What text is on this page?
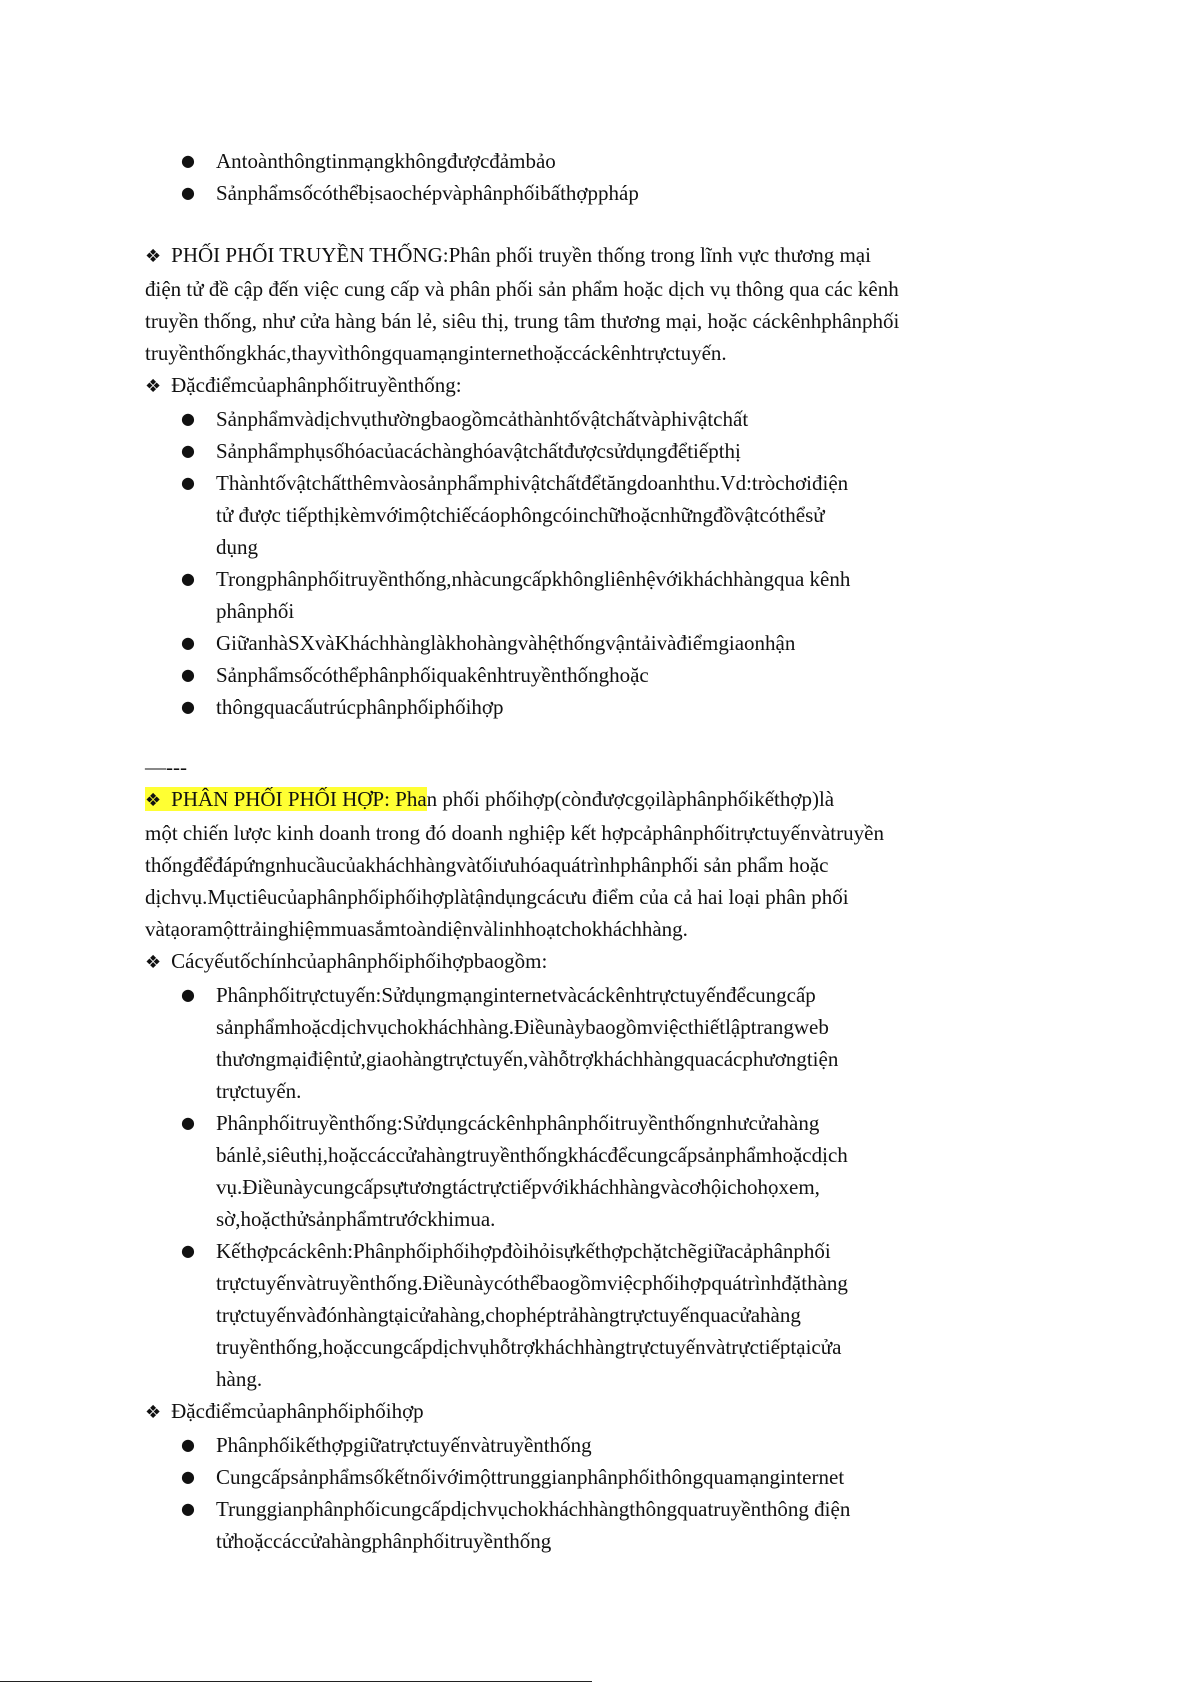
● Antoànthôngtinmạngkhôngđượcđảmbảo
● Sảnphẩmsốcóthểbịsaochépvàphânphốibấthợppháp
❖ PHỐI PHỐI TRUYỀN THỐNG:Phân phối truyền thống trong lĩnh vực thương mại
điện tử đề cập đến việc cung cấp và phân phối sản phẩm hoặc dịch vụ thông qua các kênh
truyền thống, như cửa hàng bán lẻ, siêu thị, trung tâm thương mại, hoặc cáckênhphânphối
truyềnthốngkhác,thayvìthôngquamạnginternethoặccáckênhtrựctuyến.
❖ Đặcđiểmcủaphânphốitruyềnthống:
● Sảnphẩmvàdịchvụthườngbaogồmcảthànhtốvậtchấtvàphivậtchất
● Sảnphẩmphụsốhóacủacáchànghóavậtchấtđượcsửdụngđểtiếpthị
● Thànhtốvậtchấtthêmvàosảnphẩmphivậtchấtđểtăngdoanhthu.Vd:tròchơiđiện
tử được tiếpthịkèmvớimộtchiếcáophôngcóinchữhoặcnhữngđồvậtcóthểsử
dụng
● Trongphânphốitruyềnthống,nhàcungcấpkhôngliênhệvớikháchhàngqua kênh
phânphối
● GiữanhàSXvàKháchhànglàkhohàngvàhệthốngvậntảivàđiểmgiaonhận
● Sảnphẩmsốcóthểphânphốiquakênhtruyềnthốnghoặc
● thôngquacấutrúcphânphốiphốihợp
—---
❖ PHÂN PHỐI PHỐI HỢP: Phan phối phốihợp(cònđượcgọilàphânphốikếthợp)là
một chiến lược kinh doanh trong đó doanh nghiệp kết hợpcảphânphốitrựctuyếnvàtruyền
thốngđểđápứngnhucầucủakháchhàngvàtốiưuhóaquátrìnhphânphối sản phẩm hoặc
dịchvụ.Mụctiêucủaphânphốiphốihợplàtậndụngcácưu điểm của cả hai loại phân phối
vàtạoramộttrảinghiệmmuasắmtoàndiệnvàlinhhoạtchokháchhàng.
❖ Cácyếutốchínhcủaphânphốiphốihợpbaogồm:
● Phânphốitrựctuyến:Sửdụngmạnginternetvàcáckênhtrựctuyếnđểcungcấp
sảnphẩmhoặcdịchvụchokháchhàng.Điềunàybaogồmviệcthiếtlậptrangweb
thươngmạiđiệntử,giaohàngtrựctuyến,vàhỗtrợkháchhàngquacácphươngtiện
trựctuyến.
● Phânphốitruyềnthống:Sửdụngcáckênhphânphốitruyềnthốngnhưcửahàng
bánlẻ,siêuthị,hoặccáccửahàngtruyềnthốngkhácđểcungcấpsảnphẩmhoặcdịch
vụ.Điềunàycungcấpsựtươngtáctrựctiếpvớikháchhàngvàcơhộichohọxem,
sờ,hoặcthửsảnphẩmtrướckhimua.
● Kếthợpcáckênh:Phânphốiphốihợpđòihỏisựkếthợpchặtchẽgiữacảphânphối
trựctuyếnvàtruyềnthống.Điềunàycóthểbaogồmviệcphốihợpquátrìnhđặthàng
trựctuyếnvàđónhàngtạicửahàng,chophéptrảhàngtrựctuyếnquacửahàng
truyềnthống,hoặccungcấpdịchvụhỗtrợkháchhàngtrựctuyếnvàtrựctiếptạicửa
hàng.
❖ Đặcđiểmcủaphânphốiphốihợp
● Phânphốikếthợpgiữatrựctuyếnvàtruyềnthống
● Cungcấpsảnphẩmsốkếtnốivớimộttrunggianphânphốithôngquamạnginternet
● Trunggianphânphốicungcấpdịchvụchokháchhàngthôngquatruyềnthông điện
tửhoặccáccửahàngphânphốitruyềnthống
